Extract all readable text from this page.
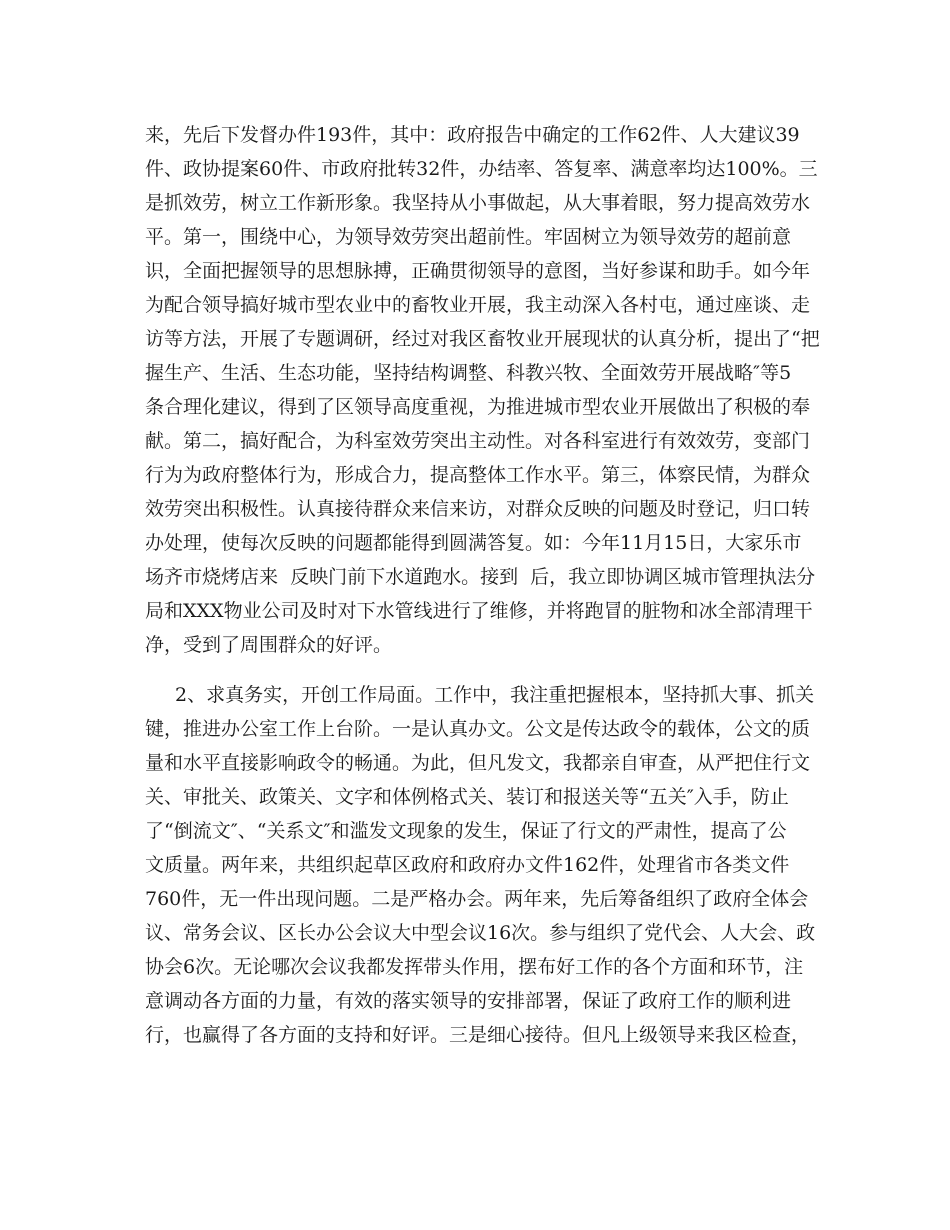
来，先后下发督办件193件，其中：政府报告中确定的工作62件、人大建议39
件、政协提案60件、市政府批转32件，办结率、答复率、满意率均达100%。三
是抓效劳，树立工作新形象。我坚持从小事做起，从大事着眼，努力提高效劳水
平。第一，围绕中心，为领导效劳突出超前性。牢固树立为领导效劳的超前意
识，全面把握领导的思想脉搏，正确贯彻领导的意图，当好参谋和助手。如今年
为配合领导搞好城市型农业中的畜牧业开展，我主动深入各村屯，通过座谈、走
访等方法，开展了专题调研，经过对我区畜牧业开展现状的认真分析，提出了“把
握生产、生活、生态功能，坚持结构调整、科教兴牧、全面效劳开展战略″等5
条合理化建议，得到了区领导高度重视，为推进城市型农业开展做出了积极的奉
献。第二，搞好配合，为科室效劳突出主动性。对各科室进行有效效劳，变部门
行为为政府整体行为，形成合力，提高整体工作水平。第三，体察民情，为群众
效劳突出积极性。认真接待群众来信来访，对群众反映的问题及时登记，归口转
办处理，使每次反映的问题都能得到圆满答复。如：今年11月15日，大家乐市
场齐市烧烤店来  反映门前下水道跑水。接到  后，我立即协调区城市管理执法分
局和XXX物业公司及时对下水管线进行了维修，并将跑冒的脏物和冰全部清理干
净，受到了周围群众的好评。
2、求真务实，开创工作局面。工作中，我注重把握根本，坚持抓大事、抓关
键，推进办公室工作上台阶。一是认真办文。公文是传达政令的载体，公文的质
量和水平直接影响政令的畅通。为此，但凡发文，我都亲自审查，从严把住行文
关、审批关、政策关、文字和体例格式关、装订和报送关等“五关″入手，防止
了“倒流文″、“关系文″和滥发文现象的发生，保证了行文的严肃性，提高了公
文质量。两年来，共组织起草区政府和政府办文件162件，处理省市各类文件
760件，无一件出现问题。二是严格办会。两年来，先后筹备组织了政府全体会
议、常务会议、区长办公会议大中型会议16次。参与组织了党代会、人大会、政
协会6次。无论哪次会议我都发挥带头作用，摆布好工作的各个方面和环节，注
意调动各方面的力量，有效的落实领导的安排部署，保证了政府工作的顺利进
行，也赢得了各方面的支持和好评。三是细心接待。但凡上级领导来我区检查，
